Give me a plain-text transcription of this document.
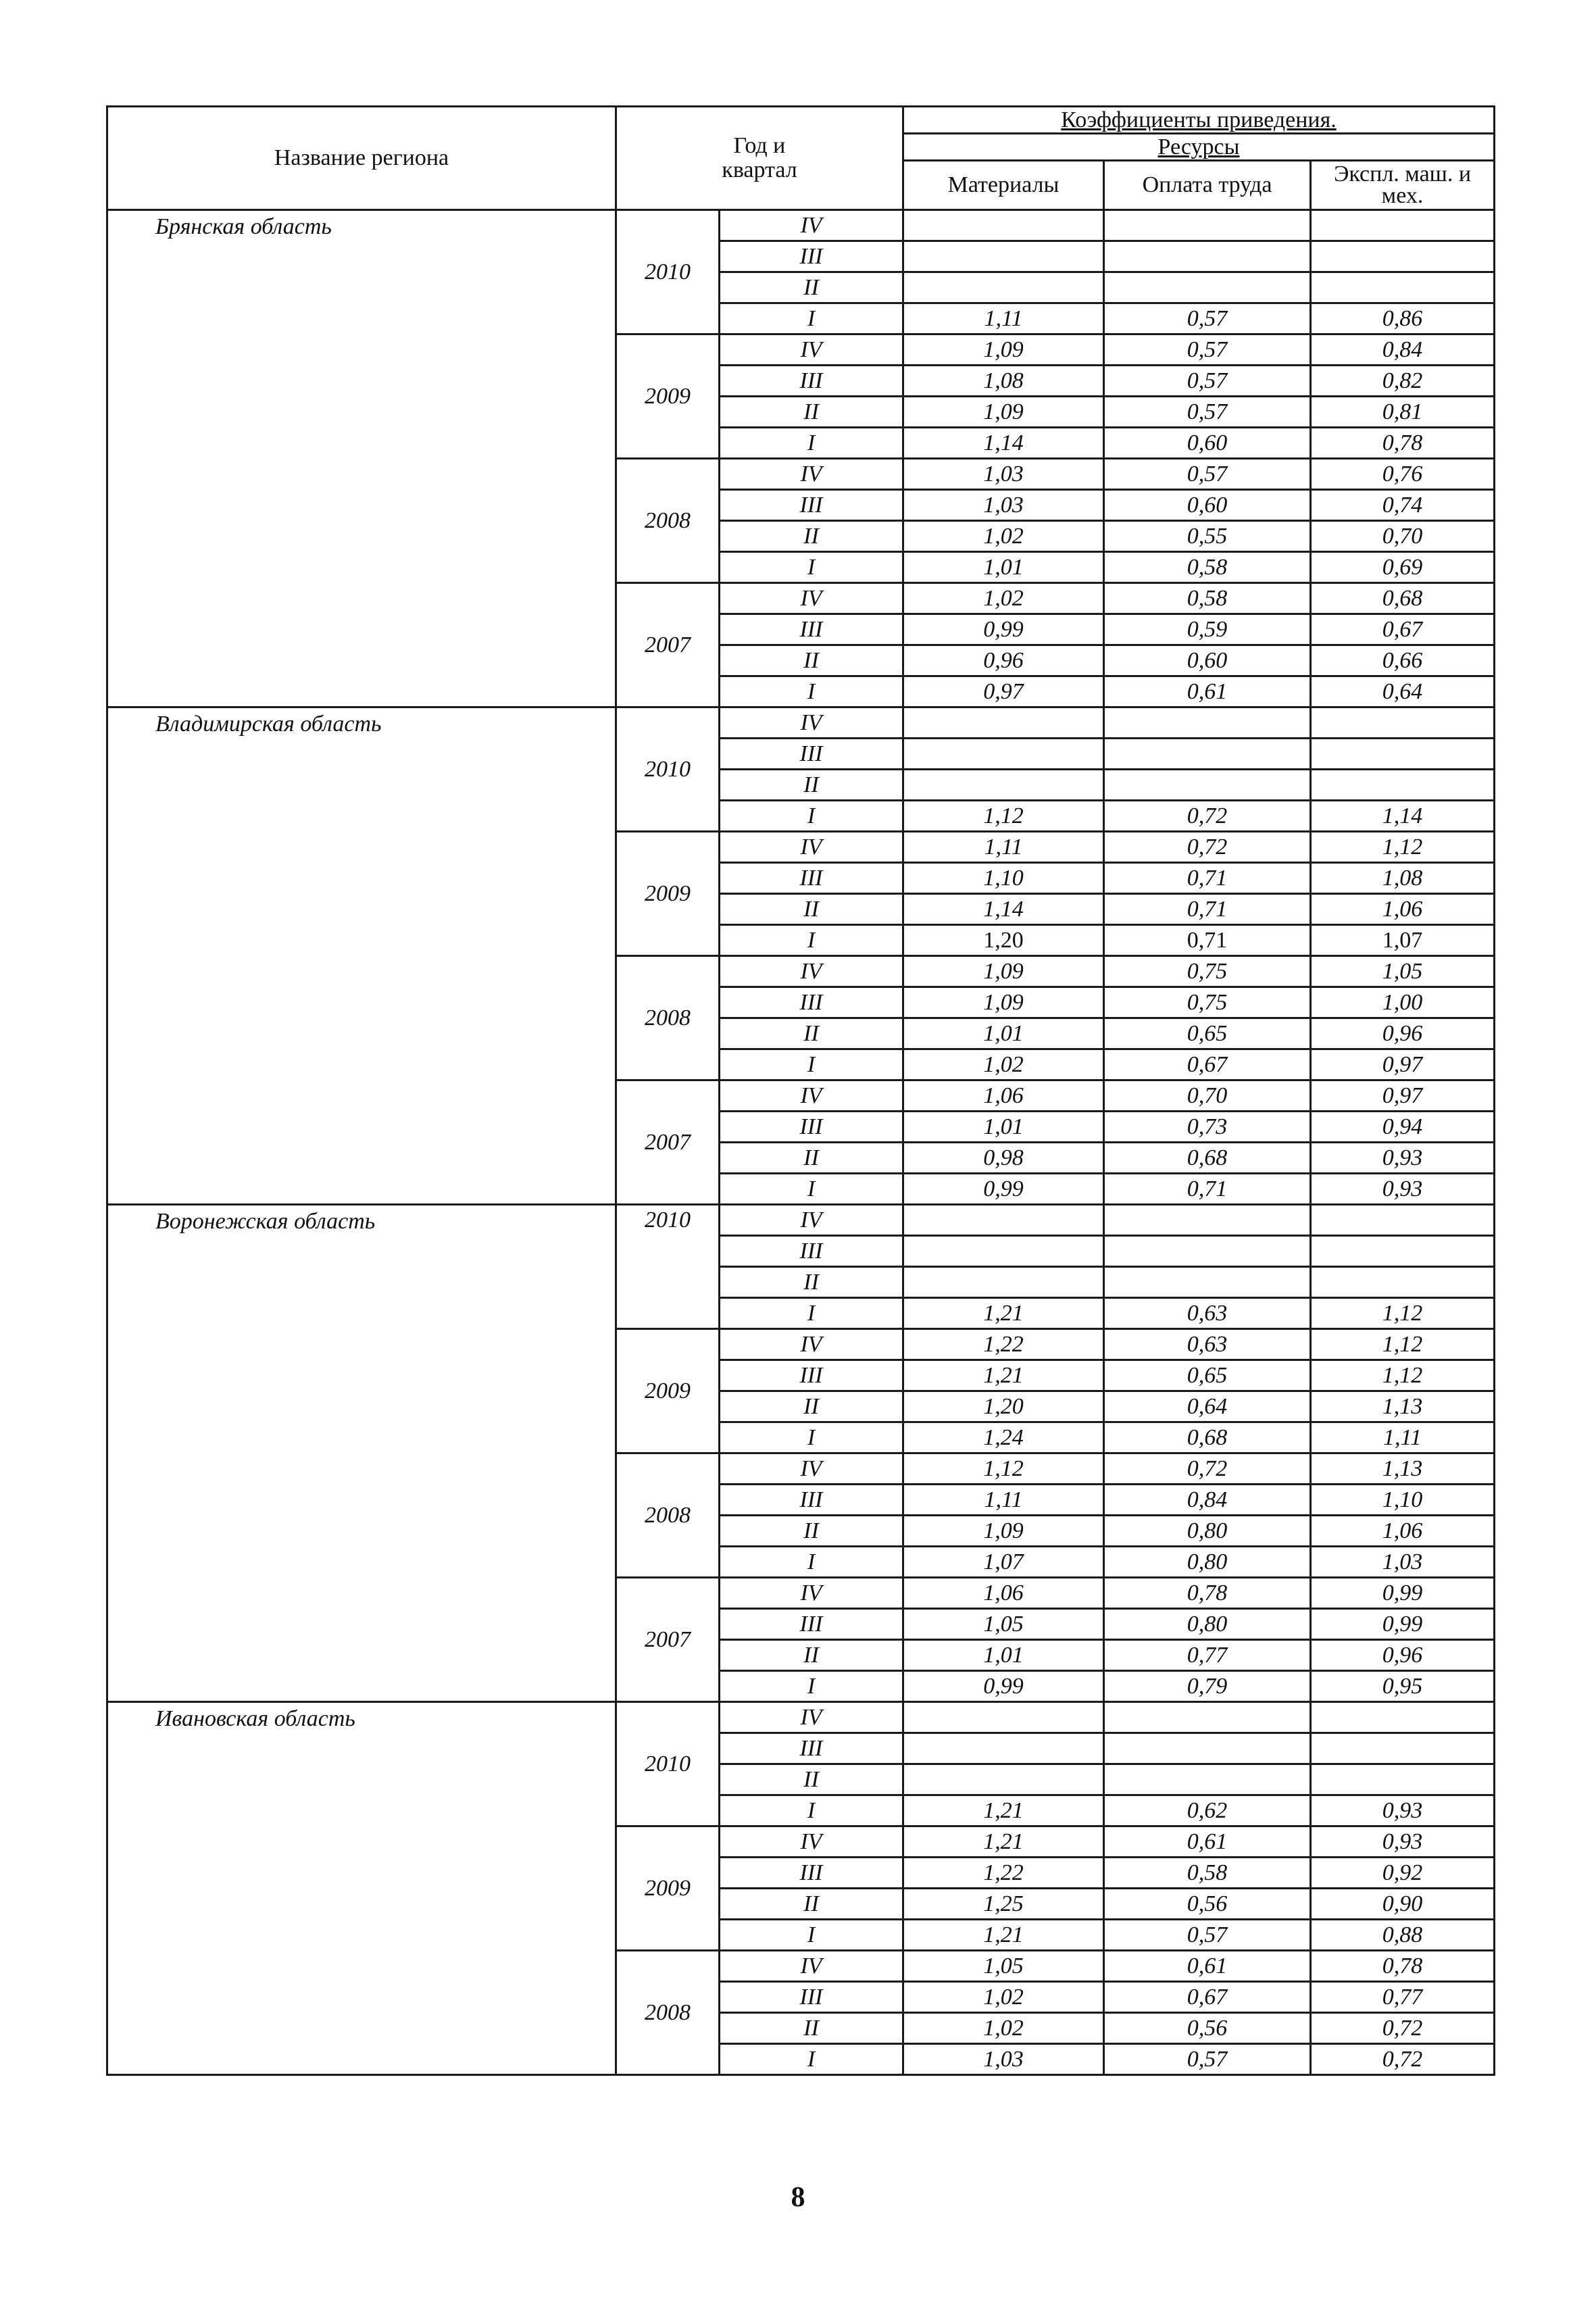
Название региона	Год и квартал		Коэффициенты приведения.		
			Ресурсы		
			Материалы	Оплата труда	Экспл. маш. и мех.
Брянская область	2010	IV			
		III			
		II			
		I	1,11	0,57	0,86
	2009	IV	1,09	0,57	0,84
		III	1,08	0,57	0,82
		II	1,09	0,57	0,81
		I	1,14	0,60	0,78
	2008	IV	1,03	0,57	0,76
		III	1,03	0,60	0,74
		II	1,02	0,55	0,70
		I	1,01	0,58	0,69
	2007	IV	1,02	0,58	0,68
		III	0,99	0,59	0,67
		II	0,96	0,60	0,66
		I	0,97	0,61	0,64
Владимирская область	2010	IV			
		III			
		II			
		I	1,12	0,72	1,14
	2009	IV	1,11	0,72	1,12
		III	1,10	0,71	1,08
		II	1,14	0,71	1,06
		I	1,20	0,71	1,07
	2008	IV	1,09	0,75	1,05
		III	1,09	0,75	1,00
		II	1,01	0,65	0,96
		I	1,02	0,67	0,97
	2007	IV	1,06	0,70	0,97
		III	1,01	0,73	0,94
		II	0,98	0,68	0,93
		I	0,99	0,71	0,93
Воронежская область	2010	IV			
		III			
		II			
		I	1,21	0,63	1,12
	2009	IV	1,22	0,63	1,12
		III	1,21	0,65	1,12
		II	1,20	0,64	1,13
		I	1,24	0,68	1,11
	2008	IV	1,12	0,72	1,13
		III	1,11	0,84	1,10
		II	1,09	0,80	1,06
		I	1,07	0,80	1,03
	2007	IV	1,06	0,78	0,99
		III	1,05	0,80	0,99
		II	1,01	0,77	0,96
		I	0,99	0,79	0,95
Ивановская область	2010	IV			
		III			
		II			
		I	1,21	0,62	0,93
	2009	IV	1,21	0,61	0,93
		III	1,22	0,58	0,92
		II	1,25	0,56	0,90
		I	1,21	0,57	0,88
	2008	IV	1,05	0,61	0,78
		III	1,02	0,67	0,77
		II	1,02	0,56	0,72
		I	1,03	0,57	0,72
8
